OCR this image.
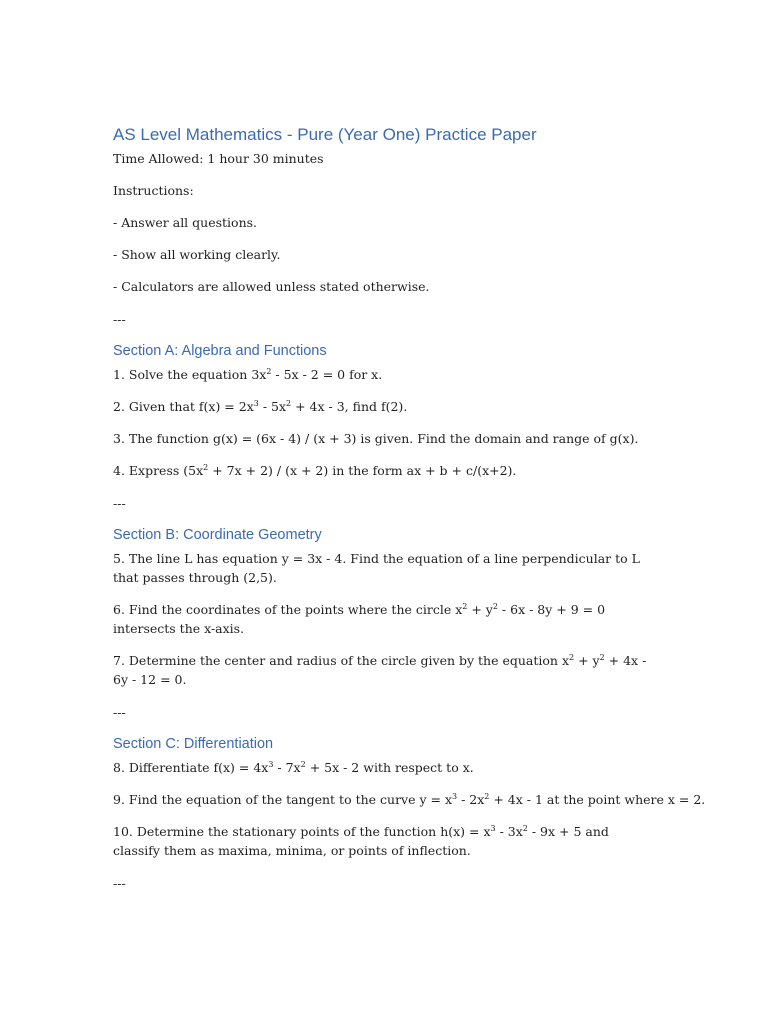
AS Level Mathematics - Pure (Year One) Practice Paper

Time Allowed: 1 hour 30 minutes

Instructions:

- Answer all questions.

- Show all working clearly.

- Calculators are allowed unless stated otherwise.

---

Section A: Algebra and Functions

1. Solve the equation $3x^2 - 5x - 2 = 0$ for x.

2. Given that $f(x) = 2x^3 - 5x^2 + 4x - 3$, find f(2).

3. The function g(x) = (6x - 4) / (x + 3) is given. Find the domain and range of g(x).

4. Express $(5x^2 + 7x + 2) / (x + 2)$ in the form ax + b + c/(x+2).

---

Section B: Coordinate Geometry

5. The line L has equation y = 3x - 4. Find the equation of a line perpendicular to L that passes through (2,5).

6. Find the coordinates of the points where the circle $x^2 + y^2 - 6x - 8y + 9 = 0$ intersects the x-axis.

7. Determine the center and radius of the circle given by the equation $x^2 + y^2 + 4x - 6y - 12 = 0$.

---

Section C: Differentiation

8. Differentiate $f(x) = 4x^3 - 7x^2 + 5x - 2$ with respect to x.

9. Find the equation of the tangent to the curve $y = x^3 - 2x^2 + 4x - 1$ at the point where x = 2.

10. Determine the stationary points of the function $h(x) = x^3 - 3x^2 - 9x + 5$ and classify them as maxima, minima, or points of inflection.

---
